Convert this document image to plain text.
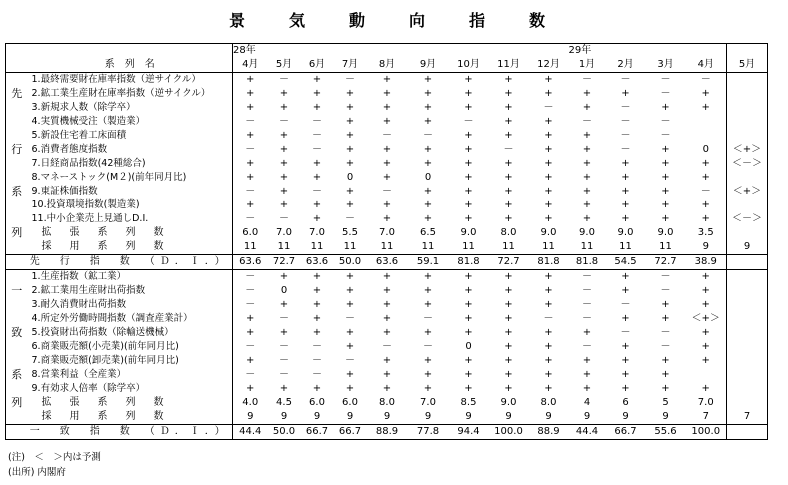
景　気　動　向　指　数
		28年									29年				
	系　列　名	4月	5月	6月	7月	8月	9月	10月	11月	12月	1月	2月	3月	4月	5月
	1.最終需要財在庫率指数（逆サイクル）	+	－	+	－	+	+	+	+	+	－	－	－	－	
先	2.鉱工業生産財在庫率指数（逆サイクル）	+	+	+	+	+	+	+	+	+	+	+	－	+	
	3.新規求人数（除学卒）	+	+	+	+	+	+	+	+	－	+	－	+	+	
	4.実質機械受注（製造業）	－	－	－	+	+	+	－	+	+	－	－	－		
	5.新設住宅着工床面積	+	+	－	+	－	－	+	+	+	+	－	－		
行	6.消費者態度指数	－	+	－	+	+	+	+	－	+	+	－	+	0	＜+＞
	7.日経商品指数(42種総合)	+	+	+	+	+	+	+	+	+	+	+	+	+	＜－＞
	8.マネーストック(M２)(前年同月比)	+	+	+	0	+	0	+	+	+	+	+	+	+	
系	9.東証株価指数	－	+	－	+	－	+	+	+	+	+	+	+	－	＜+＞
	10.投資環境指数(製造業)	+	+	+	+	+	+	+	+	+	+	+	+	+	
	11.中小企業売上見通しD.I.	－	－	+	－	+	+	+	+	+	+	+	+	+	＜－＞
列	拡　張　系　列　数	6.0	7.0	7.0	5.5	7.0	6.5	9.0	8.0	9.0	9.0	9.0	9.0	3.5	
	採　用　系　列　数	11	11	11	11	11	11	11	11	11	11	11	11	9	9
	先　行　指　数　（Ｄ．Ｉ．）	63.6	72.7	63.6	50.0	63.6	59.1	81.8	72.7	81.8	81.8	54.5	72.7	38.9	
	1.生産指数（鉱工業）	－	+	+	+	+	+	+	+	+	－	+	－	+	
一	2.鉱工業用生産財出荷指数	－	0	+	+	+	+	+	+	+	－	+	－	+	
	3.耐久消費財出荷指数	－	+	+	+	+	+	+	+	+	－	－	+	+	
	4.所定外労働時間指数（調査産業計）	+	－	+	－	+	－	+	+	－	－	+	+	＜+＞	
致	5.投資財出荷指数（除輸送機械）	+	+	+	+	+	+	+	+	+	+	－	－	+	
	6.商業販売額(小売業)(前年同月比)	－	－	－	+	－	－	0	+	+	－	+	－	+	
	7.商業販売額(卸売業)(前年同月比)	+	－	－	－	+	+	+	+	+	+	+	+	+	
系	8.営業利益（全産業）	－	－	－	+	+	+	+	+	+	+	+	+		
	9.有効求人倍率（除学卒）	+	+	+	+	+	+	+	+	+	+	+	+	+	
列	拡　張　系　列　数	4.0	4.5	6.0	6.0	8.0	7.0	8.5	9.0	8.0	4	6	5	7.0	
	採　用　系　列　数	9	9	9	9	9	9	9	9	9	9	9	9	7	7
	一　致　指　数　（Ｄ．Ｉ．）	44.4	50.0	66.7	66.7	88.9	77.8	94.4	100.0	88.9	44.4	66.7	55.6	100.0	
(注)　＜　＞内は予測
(出所) 内閣府
